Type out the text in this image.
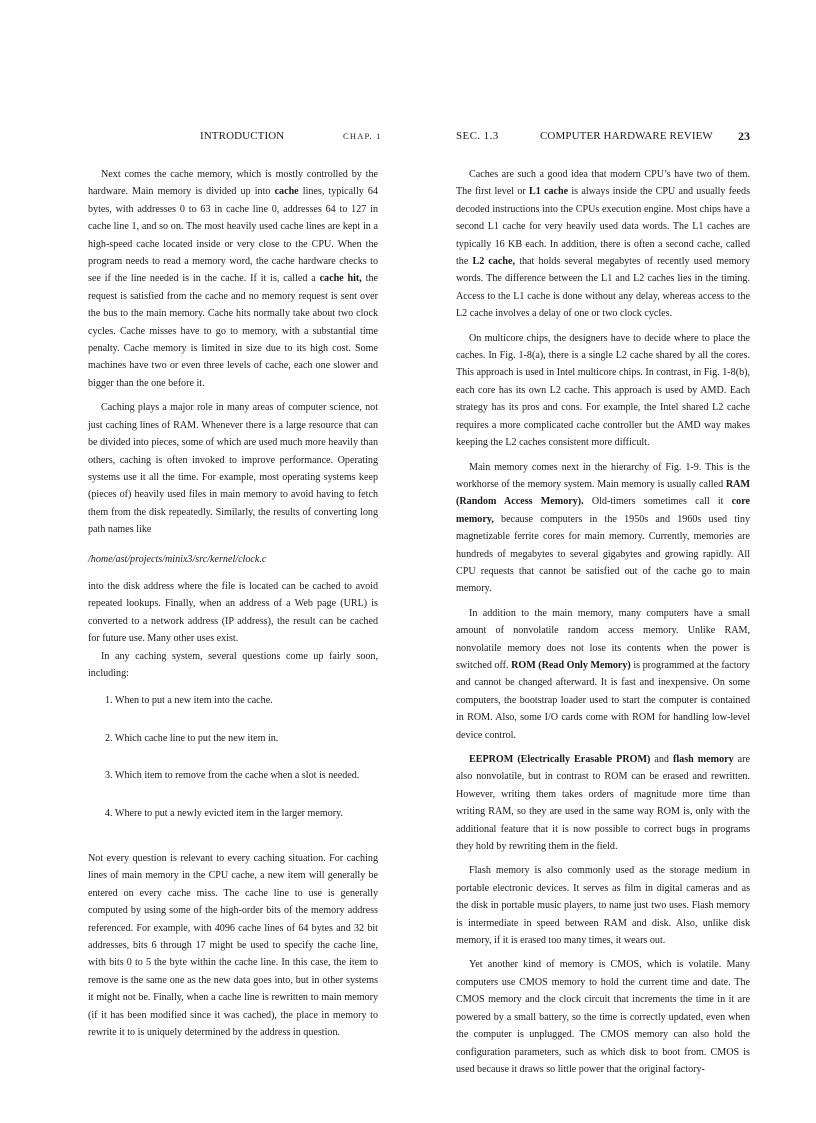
INTRODUCTION	CHAP. 1

Next comes the cache memory, which is mostly controlled by the hardware. Main memory is divided up into cache lines, typically 64 bytes, with addresses 0 to 63 in cache line 0, addresses 64 to 127 in cache line 1, and so on. The most heavily used cache lines are kept in a high-speed cache located inside or very close to the CPU. When the program needs to read a memory word, the cache hardware checks to see if the line needed is in the cache. If it is, called a cache hit, the request is satisfied from the cache and no memory request is sent over the bus to the main memory. Cache hits normally take about two clock cycles. Cache misses have to go to memory, with a substantial time penalty. Cache memory is limited in size due to its high cost. Some machines have two or even three levels of cache, each one slower and bigger than the one before it.

Caching plays a major role in many areas of computer science, not just caching lines of RAM. Whenever there is a large resource that can be divided into pieces, some of which are used much more heavily than others, caching is often invoked to improve performance. Operating systems use it all the time. For example, most operating systems keep (pieces of) heavily used files in main memory to avoid having to fetch them from the disk repeatedly. Similarly, the results of converting long path names like

/home/ast/projects/minix3/src/kernel/clock.c

into the disk address where the file is located can be cached to avoid repeated lookups. Finally, when an address of a Web page (URL) is converted to a network address (IP address), the result can be cached for future use. Many other uses exist.

In any caching system, several questions come up fairly soon, including:

1. When to put a new item into the cache.
2. Which cache line to put the new item in.
3. Which item to remove from the cache when a slot is needed.
4. Where to put a newly evicted item in the larger memory.

Not every question is relevant to every caching situation. For caching lines of main memory in the CPU cache, a new item will generally be entered on every cache miss. The cache line to use is generally computed by using some of the high-order bits of the memory address referenced. For example, with 4096 cache lines of 64 bytes and 32 bit addresses, bits 6 through 17 might be used to specify the cache line, with bits 0 to 5 the byte within the cache line. In this case, the item to remove is the same one as the new data goes into, but in other systems it might not be. Finally, when a cache line is rewritten to main memory (if it has been modified since it was cached), the place in memory to rewrite it to is uniquely determined by the address in question.

SEC. 1.3	COMPUTER HARDWARE REVIEW 23

Caches are such a good idea that modern CPU’s have two of them. The first level or L1 cache is always inside the CPU and usually feeds decoded instructions into the CPUs execution engine. Most chips have a second L1 cache for very heavily used data words. The L1 caches are typically 16 KB each. In addition, there is often a second cache, called the L2 cache, that holds several megabytes of recently used memory words. The difference between the L1 and L2 caches lies in the timing. Access to the L1 cache is done without any delay, whereas access to the L2 cache involves a delay of one or two clock cycles.

On multicore chips, the designers have to decide where to place the caches. In Fig. 1-8(a), there is a single L2 cache shared by all the cores. This approach is used in Intel multicore chips. In contrast, in Fig. 1-8(b), each core has its own L2 cache. This approach is used by AMD. Each strategy has its pros and cons. For example, the Intel shared L2 cache requires a more complicated cache controller but the AMD way makes keeping the L2 caches consistent more difficult.

Main memory comes next in the hierarchy of Fig. 1-9. This is the workhorse of the memory system. Main memory is usually called RAM (Random Access Memory). Old-timers sometimes call it core memory, because computers in the 1950s and 1960s used tiny magnetizable ferrite cores for main memory. Currently, memories are hundreds of megabytes to several gigabytes and growing rapidly. All CPU requests that cannot be satisfied out of the cache go to main memory.

In addition to the main memory, many computers have a small amount of nonvolatile random access memory. Unlike RAM, nonvolatile memory does not lose its contents when the power is switched off. ROM (Read Only Memory) is programmed at the factory and cannot be changed afterward. It is fast and inexpensive. On some computers, the bootstrap loader used to start the computer is contained in ROM. Also, some I/O cards come with ROM for handling low-level device control.

EEPROM (Electrically Erasable PROM) and flash memory are also nonvolatile, but in contrast to ROM can be erased and rewritten. However, writing them takes orders of magnitude more time than writing RAM, so they are used in the same way ROM is, only with the additional feature that it is now possible to correct bugs in programs they hold by rewriting them in the field.

Flash memory is also commonly used as the storage medium in portable electronic devices. It serves as film in digital cameras and as the disk in portable music players, to name just two uses. Flash memory is intermediate in speed between RAM and disk. Also, unlike disk memory, if it is erased too many times, it wears out.

Yet another kind of memory is CMOS, which is volatile. Many computers use CMOS memory to hold the current time and date. The CMOS memory and the clock circuit that increments the time in it are powered by a small battery, so the time is correctly updated, even when the computer is unplugged. The CMOS memory can also hold the configuration parameters, such as which disk to boot from. CMOS is used because it draws so little power that the original factory-
